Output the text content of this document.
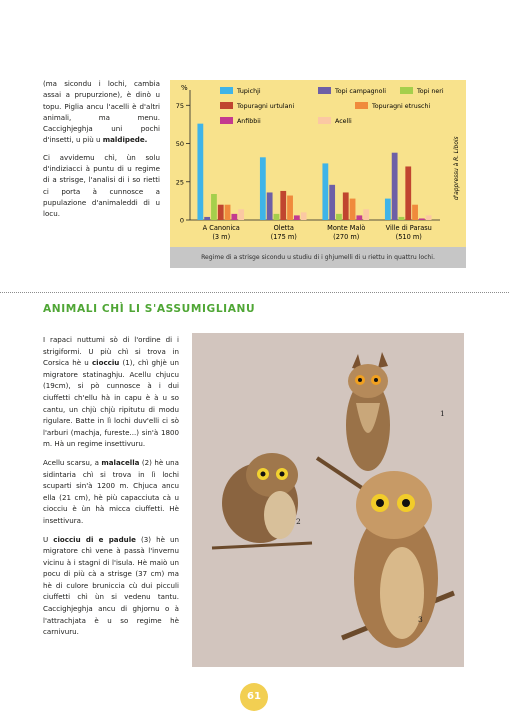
(ma sicondu i lochi, cambia assai a prupurzione), è dinò u topu. Piglia ancu l'acelli è d'altri animali, ma menu. Caccighjeghja uni pochi d'insetti, u più u maldipede.

Ci avvidemu chì, ùn solu d'indiziacci à puntu di u regime di a strisge, l'analisi di i so rietti ci porta à cunnosce a pupulazione d'animaleddi di u locu.

%
0
25
50
75
A Canonica
(3 m)
Oletta
(175 m)
Monte Malò
(270 m)
Ville di Parasu
(510 m)
Tupichji	Topi campagnoli	Topi neri
Topuragni urtulani	Topuragni etruschi
Anfibbii	Acelli
d'appressu à R. Libois
Regime di a strisge sicondu u studiu di i ghjumelli di u riettu in quattru lochi.
ANIMALI CHÌ LI S'ASSUMIGLIANU

I rapaci nuttumi sò di l'ordine di i strigiformi. U più chì si trova in Corsica hè u ciocciu (1), chì ghjè un migratore statinaghju. Acellu chjucu (19cm), si pò cunnosce à i dui ciuffetti ch'ellu hà in capu è à u so cantu, un chjù chjù ripitutu di modu rigulare. Batte in lì lochi duv'elli ci sò l'arburi (machja, fureste...) sin'à 1800 m. Hà un regime insettivuru.

Acellu scarsu, a malacella (2) hè una sidintaria chì si trova in lì lochi scuparti sin'à 1200 m. Chjuca ancu ella (21 cm), hè più capacciuta cà u ciocciu è ùn hà micca ciuffetti. Hè insettivura.

U ciocciu di e padule (3) hè un migratore chì vene à passà l'invernu vicinu à i stagni di l'isula. Hè maiò un pocu di più cà a strisge (37 cm) ma hè di culore bruniccia cù dui picculi ciuffetti chì ùn si vedenu tantu. Caccighjeghja ancu di ghjornu o à l'attrachjata è u so regime hè carnivuru.

1
2
3
61
